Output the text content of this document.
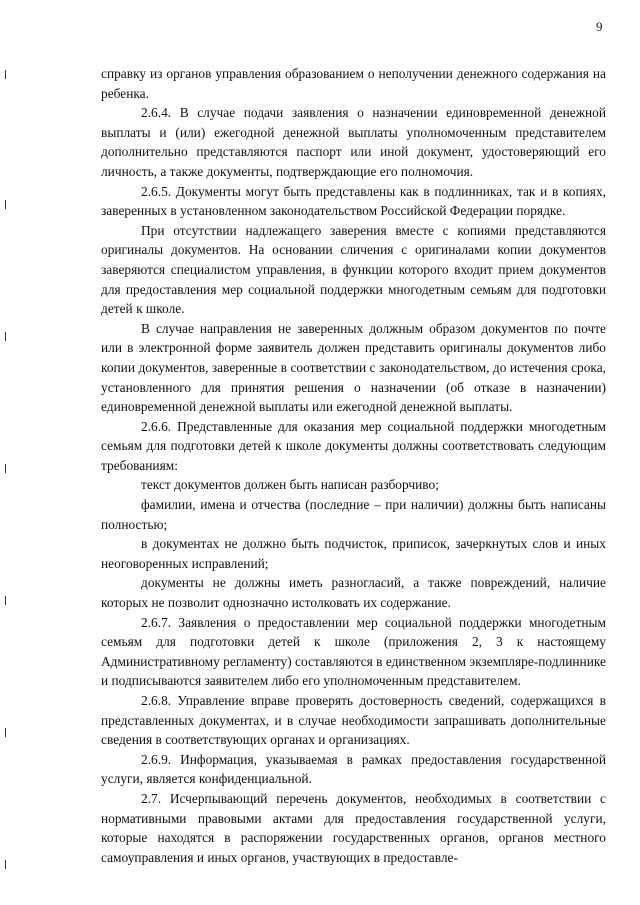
9

справку из органов управления образованием о неполучении денежного содержания на ребенка.

2.6.4. В случае подачи заявления о назначении единовременной денежной выплаты и (или) ежегодной денежной выплаты уполномоченным представителем дополнительно представляются паспорт или иной документ, удостоверяющий его личность, а также документы, подтверждающие его полномочия.

2.6.5. Документы могут быть представлены как в подлинниках, так и в копиях, заверенных в установленном законодательством Российской Федерации порядке.

При отсутствии надлежащего заверения вместе с копиями представляются оригиналы документов. На основании сличения с оригиналами копии документов заверяются специалистом управления, в функции которого входит прием документов для предоставления мер социальной поддержки многодетным семьям для подготовки детей к школе.

В случае направления не заверенных должным образом документов по почте или в электронной форме заявитель должен представить оригиналы документов либо копии документов, заверенные в соответствии с законодательством, до истечения срока, установленного для принятия решения о назначении (об отказе в назначении) единовременной денежной выплаты или ежегодной денежной выплаты.

2.6.6. Представленные для оказания мер социальной поддержки многодетным семьям для подготовки детей к школе документы должны соответствовать следующим требованиям:

текст документов должен быть написан разборчиво;

фамилии, имена и отчества (последние – при наличии) должны быть написаны полностью;

в документах не должно быть подчисток, приписок, зачеркнутых слов и иных неоговоренных исправлений;

документы не должны иметь разногласий, а также повреждений, наличие которых не позволит однозначно истолковать их содержание.

2.6.7. Заявления о предоставлении мер социальной поддержки многодетным семьям для подготовки детей к школе (приложения 2, 3 к настоящему Административному регламенту) составляются в единственном экземпляре-подлиннике и подписываются заявителем либо его уполномоченным представителем.

2.6.8. Управление вправе проверять достоверность сведений, содержащихся в представленных документах, и в случае необходимости запрашивать дополнительные сведения в соответствующих органах и организациях.

2.6.9. Информация, указываемая в рамках предоставления государственной услуги, является конфиденциальной.

2.7. Исчерпывающий перечень документов, необходимых в соответствии с нормативными правовыми актами для предоставления государственной услуги, которые находятся в распоряжении государственных органов, органов местного самоуправления и иных органов, участвующих в предоставле-
